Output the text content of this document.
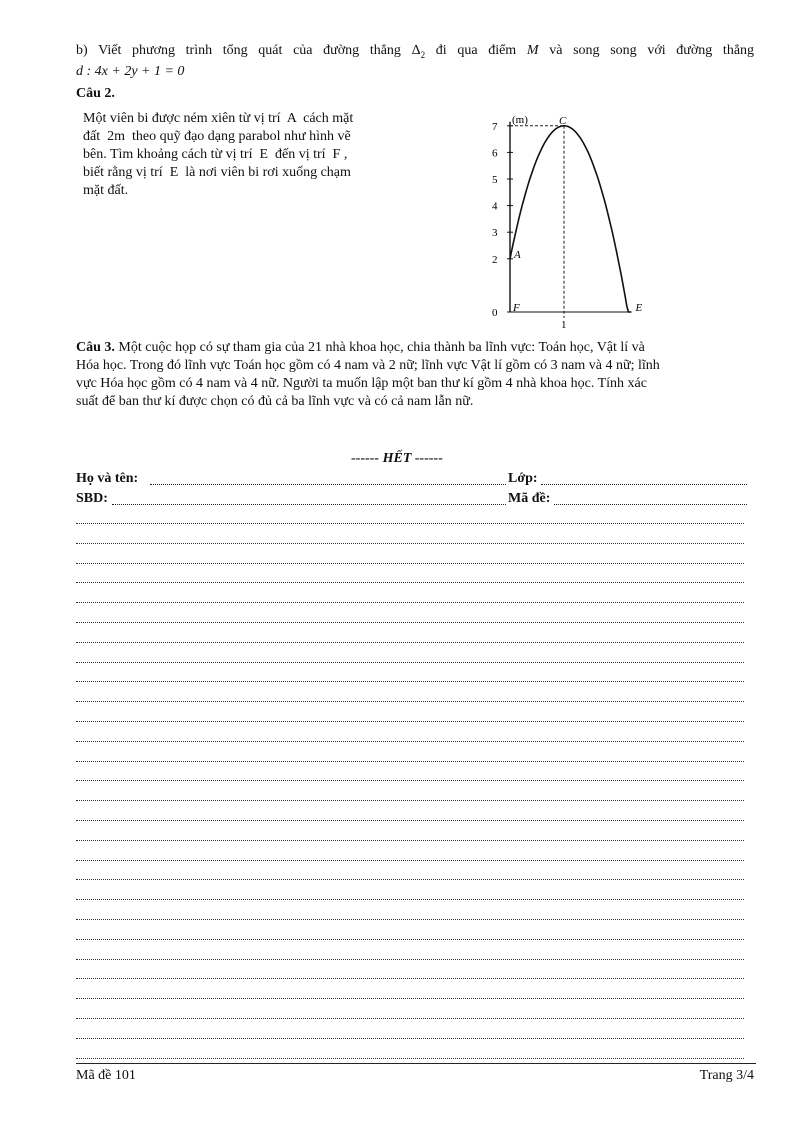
b) Viết phương trình tổng quát của đường thẳng $\Delta_2$ đi qua điểm M và song song với đường thẳng
d : 4x + 2y + 1 = 0
Câu 2.
Một viên bi được ném xiên từ vị trí  A  cách mặt
đất  2m  theo quỹ đạo dạng parabol như hình vẽ
bên. Tìm khoảng cách từ vị trí  E  đến vị trí  F ,
biết rằng vị trí  E  là nơi viên bi rơi xuống chạm
mặt đất.
(m)
0
2
3
4
5
6
7
1
A
C
F	E
Câu 3. Một cuộc họp có sự tham gia của 21 nhà khoa học, chia thành ba lĩnh vực: Toán học, Vật lí và
Hóa học. Trong đó lĩnh vực Toán học gồm có 4 nam và 2 nữ; lĩnh vực Vật lí gồm có 3 nam và 4 nữ; lĩnh
vực Hóa học gồm có 4 nam và 4 nữ. Người ta muốn lập một ban thư kí gồm 4 nhà khoa học. Tính xác
suất để ban thư kí được chọn có đủ cả ba lĩnh vực và có cả nam lẫn nữ.
------ HẾT ------
Họ và tên:	Lớp:
SBD:	Mã đề:
Mã đề 101	Trang 3/4
